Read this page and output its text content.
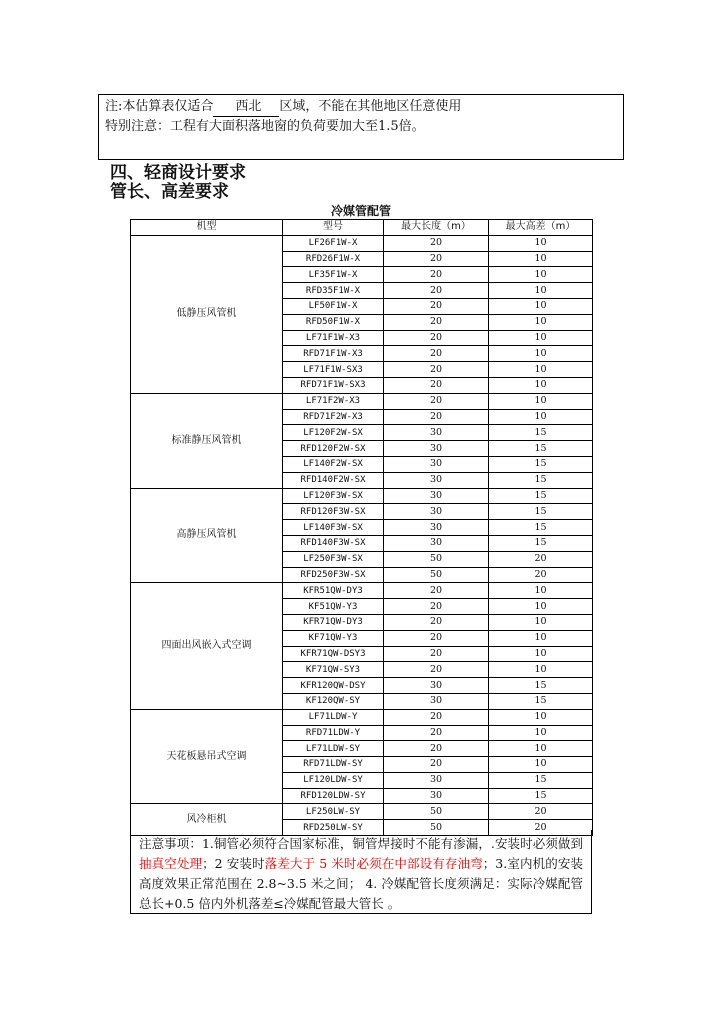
注:本估算表仅适合 西北 区域，不能在其他地区任意使用
特别注意：工程有大面积落地窗的负荷要加大至1.5倍。
四、轻商设计要求
管长、高差要求
冷媒管配管
机型	型号	最大长度（m）	最大高差（m）
低静压风管机	LF26F1W-X	20	10
	RFD26F1W-X	20	10
	LF35F1W-X	20	10
	RFD35F1W-X	20	10
	LF50F1W-X	20	10
	RFD50F1W-X	20	10
	LF71F1W-X3	20	10
	RFD71F1W-X3	20	10
	LF71F1W-SX3	20	10
	RFD71F1W-SX3	20	10
标准静压风管机	LF71F2W-X3	20	10
	RFD71F2W-X3	20	10
	LF120F2W-SX	30	15
	RFD120F2W-SX	30	15
	LF140F2W-SX	30	15
	RFD140F2W-SX	30	15
高静压风管机	LF120F3W-SX	30	15
	RFD120F3W-SX	30	15
	LF140F3W-SX	30	15
	RFD140F3W-SX	30	15
	LF250F3W-SX	50	20
	RFD250F3W-SX	50	20
四面出风嵌入式空调	KFR51QW-DY3	20	10
	KF51QW-Y3	20	10
	KFR71QW-DY3	20	10
	KF71QW-Y3	20	10
	KFR71QW-DSY3	20	10
	KF71QW-SY3	20	10
	KFR120QW-DSY	30	15
	KF120QW-SY	30	15
天花板悬吊式空调	LF71LDW-Y	20	10
	RFD71LDW-Y	20	10
	LF71LDW-SY	20	10
	RFD71LDW-SY	20	10
	LF120LDW-SY	30	15
	RFD120LDW-SY	30	15
风冷柜机	LF250LW-SY	50	20
	RFD250LW-SY	50	20
注意事项：1.铜管必须符合国家标准，铜管焊接时不能有渗漏，.安装时必须做到抽真空处理；2 安装时落差大于 5 米时必须在中部设有存油弯；3.室内机的安装高度效果正常范围在 2.8~3.5 米之间； 4. 冷媒配管长度须满足：实际冷媒配管总长+0.5 倍内外机落差≤冷媒配管最大管长 。
